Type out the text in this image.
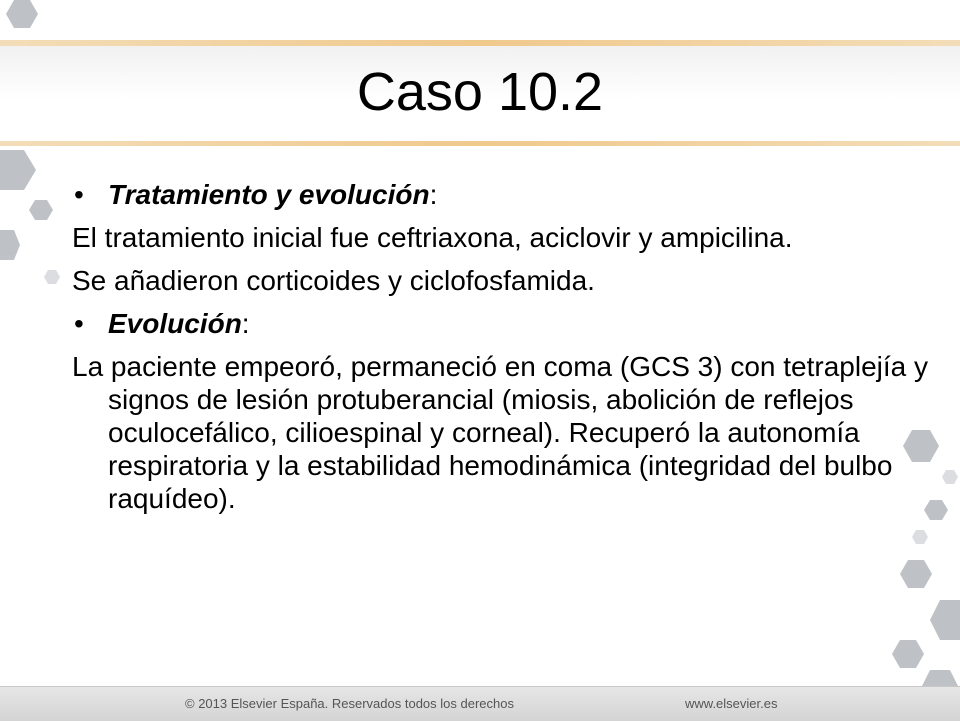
Caso 10.2
• Tratamiento y evolución:
El tratamiento inicial fue ceftriaxona, aciclovir y ampicilina.
Se añadieron corticoides y ciclofosfamida.
• Evolución:
La paciente empeoró, permaneció en coma (GCS 3) con tetraplejía y signos de lesión protuberancial (miosis, abolición de reflejos oculocefálico, cilioespinal y corneal). Recuperó la autonomía respiratoria y la estabilidad hemodinámica (integridad del bulbo raquídeo).
© 2013 Elsevier España. Reservados todos los derechos	www.elsevier.es
